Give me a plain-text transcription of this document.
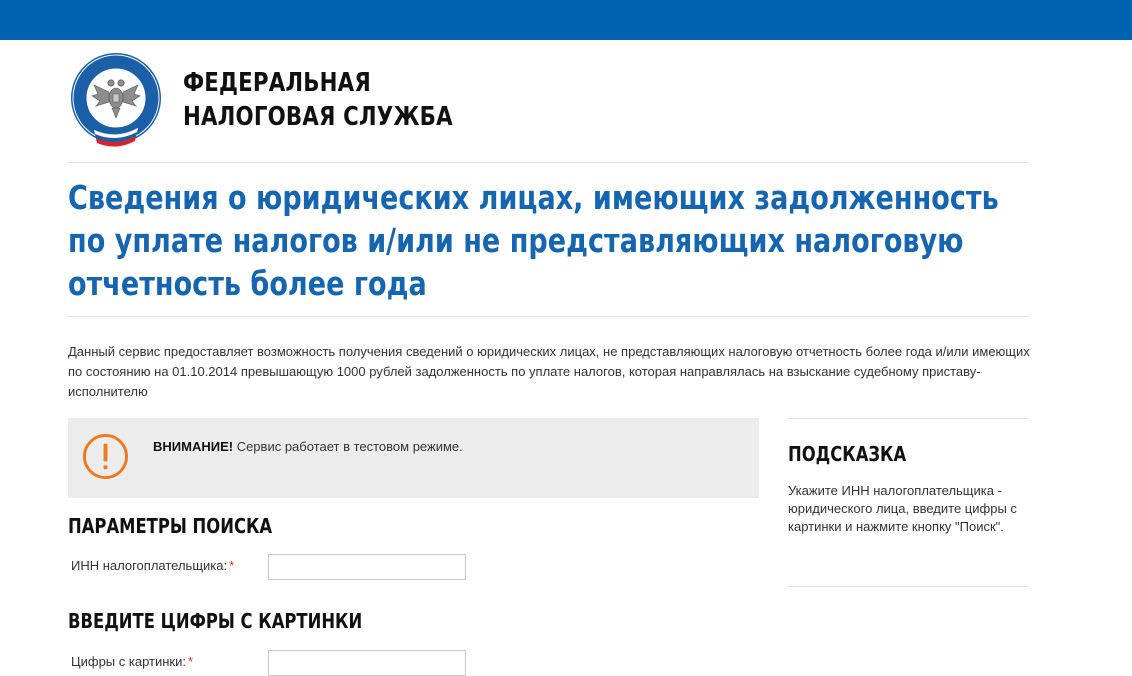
ФЕДЕРАЛЬНАЯ
НАЛОГОВАЯ СЛУЖБА
Сведения о юридических лицах, имеющих задолженность по уплате налогов и/или не представляющих налоговую отчетность более года

Данный сервис предоставляет возможность получения сведений о юридических лицах, не представляющих налоговую отчетность более года и/или имеющих по состоянию на 01.10.2014 превышающую 1000 рублей задолженность по уплате налогов, которая направлялась на взыскание судебному приставу-исполнителю

ВНИМАНИЕ! Сервис работает в тестовом режиме.
ПАРАМЕТРЫ ПОИСКА
ИНН налогоплательщика: *
ВВЕДИТЕ ЦИФРЫ С КАРТИНКИ
Цифры с картинки: *
ПОДСКАЗКА

Укажите ИНН налогоплательщика - юридического лица, введите цифры с картинки и нажмите кнопку "Поиск".
